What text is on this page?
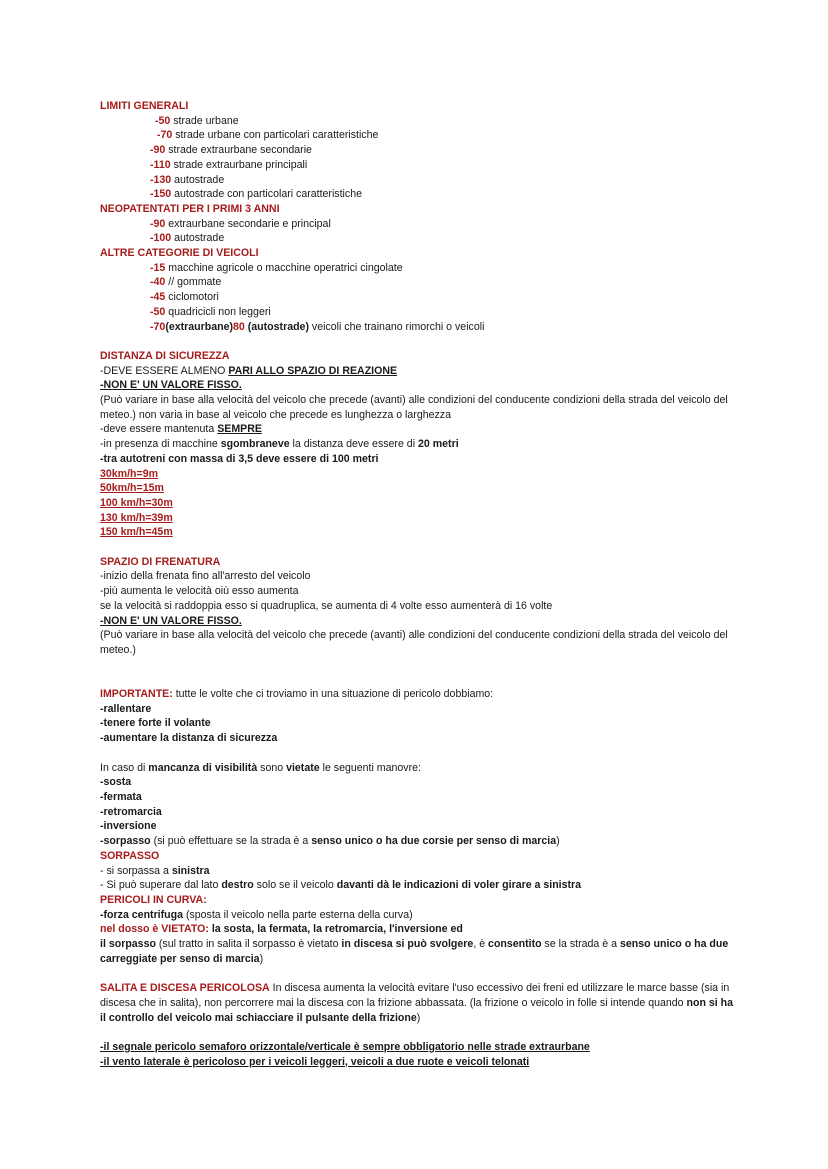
LIMITI GENERALI
-50 strade urbane
-70 strade urbane con particolari caratteristiche
-90 strade extraurbane secondarie
-110 strade extraurbane principali
-130 autostrade
-150 autostrade con particolari caratteristiche
NEOPATENTATI PER I PRIMI 3 ANNI
-90 extraurbane secondarie e principal
-100 autostrade
ALTRE CATEGORIE DI VEICOLI
-15 macchine agricole o macchine operatrici cingolate
-40 // gommate
-45 ciclomotori
-50 quadricicli non leggeri
-70(extraurbane)80 (autostrade) veicoli che trainano rimorchi o veicoli
DISTANZA DI SICUREZZA
-DEVE ESSERE ALMENO PARI ALLO SPAZIO DI REAZIONE
-NON E' UN VALORE FISSO.
(Può variare in base alla velocità del veicolo che precede (avanti) alle condizioni del conducente condizioni della strada del veicolo del meteo.) non varia in base al veicolo che precede es lunghezza o larghezza
-deve essere mantenuta SEMPRE
-in presenza di macchine sgombraneve la distanza deve essere di 20 metri
-tra autotreni con massa di 3,5 deve essere di 100 metri
30km/h=9m
50km/h=15m
100 km/h=30m
130 km/h=39m
150 km/h=45m
SPAZIO DI FRENATURA
-inizio della frenata fino all'arresto del veicolo
-più aumenta le velocità oiù esso aumenta
se la velocità si raddoppia esso si quadruplica, se aumenta di 4 volte esso aumenterà di 16 volte
-NON E' UN VALORE FISSO.
(Può variare in base alla velocità del veicolo che precede (avanti) alle condizioni del conducente condizioni della strada del veicolo del meteo.)
IMPORTANTE: tutte le volte che ci troviamo in una situazione di pericolo dobbiamo:
-rallentare
-tenere forte il volante
-aumentare la distanza di sicurezza
In caso di mancanza di visibilità sono vietate le seguenti manovre:
-sosta
-fermata
-retromarcia
-inversione
-sorpasso (si può effettuare se la strada è a senso unico o ha due corsie per senso di marcia)
SORPASSO
- si sorpassa a sinistra
- Si può superare dal lato destro solo se il veicolo davanti dà le indicazioni di voler girare a sinistra
PERICOLI IN CURVA:
-forza centrifuga (sposta il veicolo nella parte esterna della curva)
nel dosso è VIETATO: la sosta, la fermata, la retromarcia, l'inversione ed
il sorpasso (sul tratto in salita il sorpasso è vietato in discesa si può svolgere, è consentito se la strada è a senso unico o ha due carreggiate per senso di marcia)
SALITA E DISCESA PERICOLOSA In discesa aumenta la velocità evitare l'uso eccessivo dei freni ed utilizzare le marce basse (sia in discesa che in salita), non percorrere mai la discesa con la frizione abbassata. (la frizione o veicolo in folle si intende quando non si ha il controllo del veicolo mai schiacciare il pulsante della frizione)
-il segnale pericolo semaforo orizzontale/verticale è sempre obbligatorio nelle strade extraurbane
-il vento laterale è pericoloso per i veicoli leggeri, veicoli a due ruote e veicoli telonati
